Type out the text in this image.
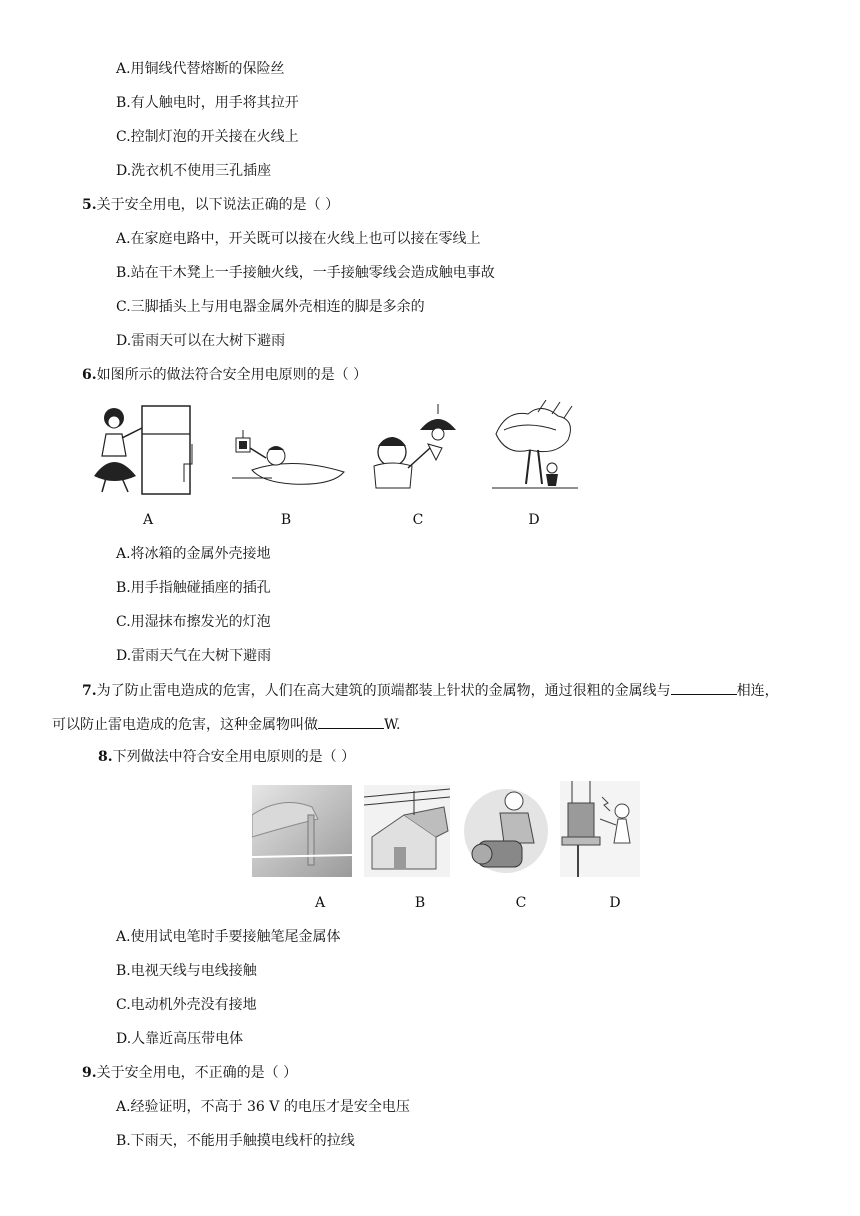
A.用铜线代替熔断的保险丝
B.有人触电时，用手将其拉开
C.控制灯泡的开关接在火线上
D.洗衣机不使用三孔插座
5.关于安全用电，以下说法正确的是（ ）
A.在家庭电路中，开关既可以接在火线上也可以接在零线上
B.站在干木凳上一手接触火线，一手接触零线会造成触电事故
C.三脚插头上与用电器金属外壳相连的脚是多余的
D.雷雨天可以在大树下避雨
6.如图所示的做法符合安全用电原则的是（ ）
A	B	C	D
A.将冰箱的金属外壳接地
B.用手指触碰插座的插孔
C.用湿抹布擦发光的灯泡
D.雷雨天气在大树下避雨
7.为了防止雷电造成的危害，人们在高大建筑的顶端都装上针状的金属物，通过很粗的金属线与	相连，
可以防止雷电造成的危害，这种金属物叫做	W.
8.下列做法中符合安全用电原则的是（ ）
A	B	C	D
A.使用试电笔时手要接触笔尾金属体
B.电视天线与电线接触
C.电动机外壳没有接地
D.人靠近高压带电体
9.关于安全用电，不正确的是（ ）
A.经验证明，不高于 36 V 的电压才是安全电压
B.下雨天，不能用手触摸电线杆的拉线
